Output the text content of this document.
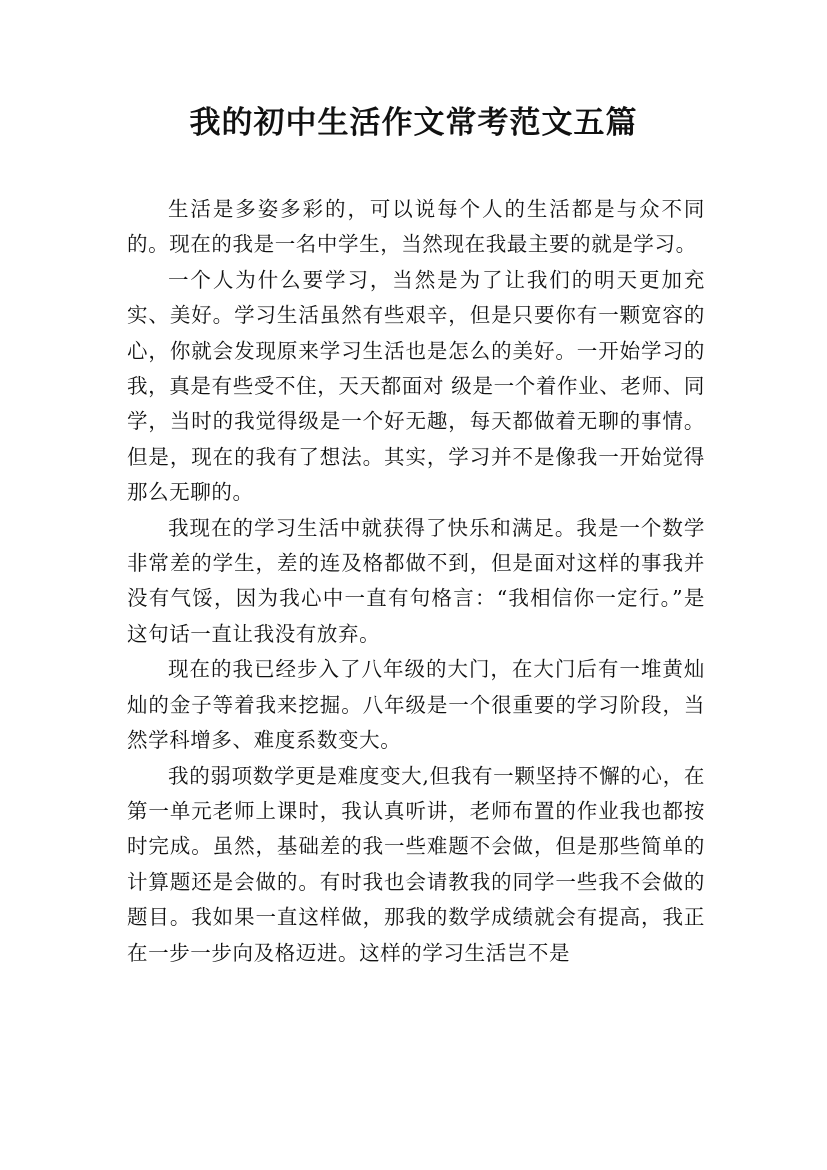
我的初中生活作文常考范文五篇

生活是多姿多彩的，可以说每个人的生活都是与众不同的。现在的我是一名中学生，当然现在我最主要的就是学习。

一个人为什么要学习，当然是为了让我们的明天更加充实、美好。学习生活虽然有些艰辛，但是只要你有一颗宽容的心，你就会发现原来学习生活也是怎么的美好。一开始学习的我，真是有些受不住，天天都面对 级是一个着作业、老师、同学，当时的我觉得级是一个好无趣，每天都做着无聊的事情。但是，现在的我有了想法。其实，学习并不是像我一开始觉得那么无聊的。

我现在的学习生活中就获得了快乐和满足。我是一个数学非常差的学生，差的连及格都做不到，但是面对这样的事我并没有气馁，因为我心中一直有句格言：“我相信你一定行。”是这句话一直让我没有放弃。

现在的我已经步入了八年级的大门，在大门后有一堆黄灿灿的金子等着我来挖掘。八年级是一个很重要的学习阶段，当然学科增多、难度系数变大。

我的弱项数学更是难度变大,但我有一颗坚持不懈的心，在第一单元老师上课时，我认真听讲，老师布置的作业我也都按时完成。虽然，基础差的我一些难题不会做，但是那些简单的计算题还是会做的。有时我也会请教我的同学一些我不会做的题目。我如果一直这样做，那我的数学成绩就会有提高，我正在一步一步向及格迈进。这样的学习生活岂不是
